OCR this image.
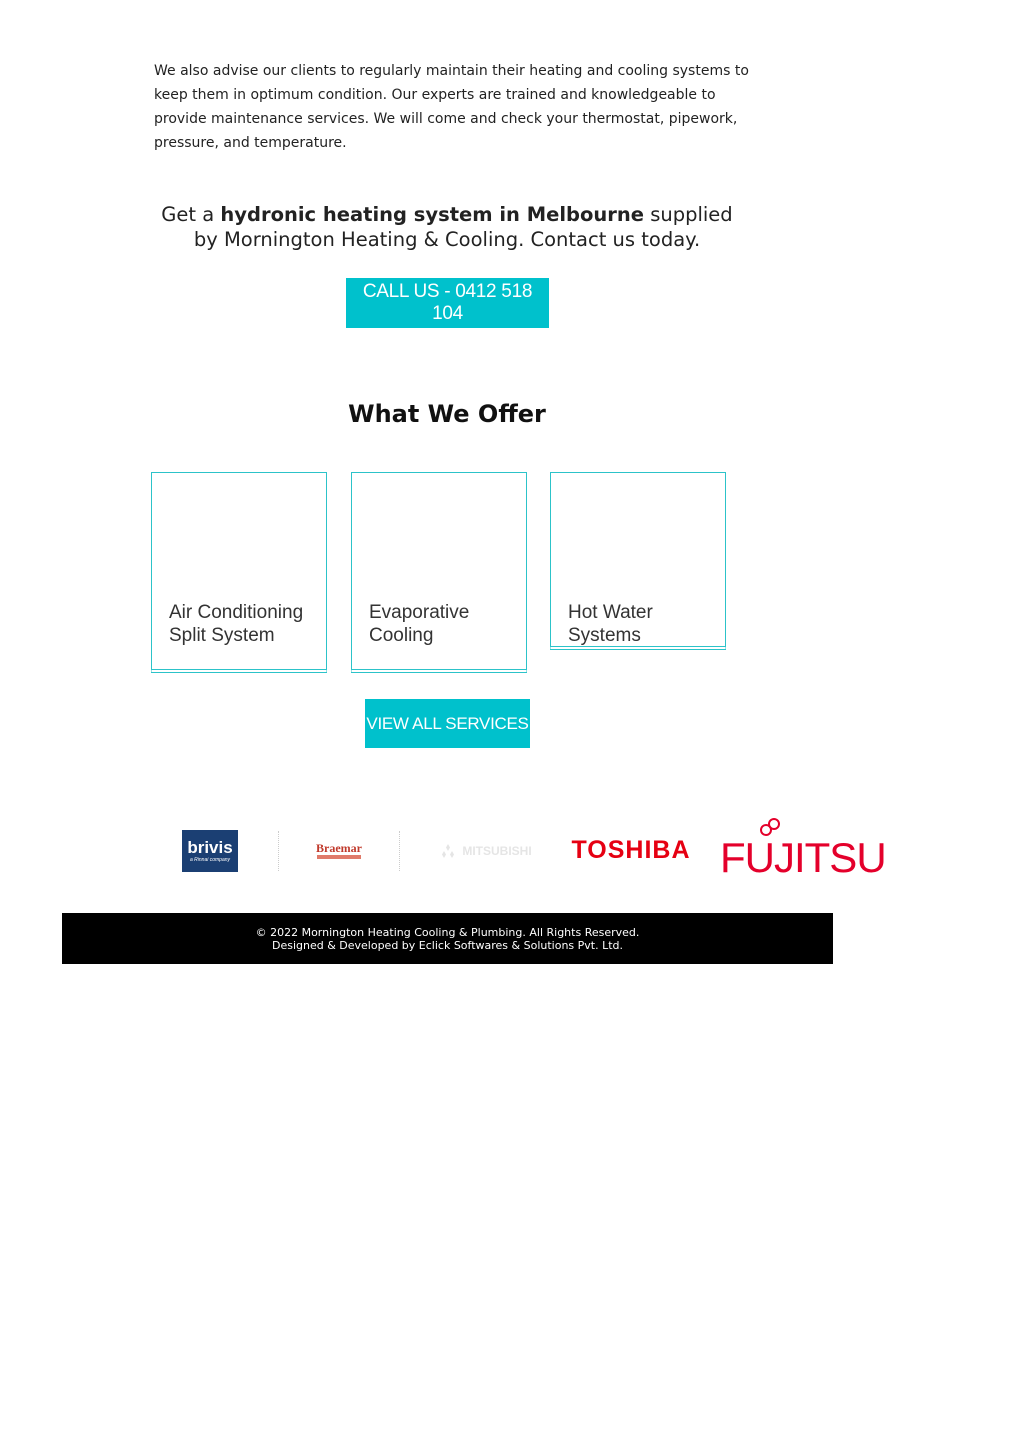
We also advise our clients to regularly maintain their heating and cooling systems to keep them in optimum condition. Our experts are trained and knowledgeable to provide maintenance services. We will come and check your thermostat, pipework, pressure, and temperature.

Get a hydronic heating system in Melbourne supplied by Mornington Heating & Cooling. Contact us today.

CALL US - 0412 518 104
What We Offer

Air Conditioning Split System

Evaporative Cooling

Hot Water Systems

VIEW ALL SERVICES
brivis
a Rinnai company
Braemar	MITSUBISHI TOSHIBA FUJITSU

© 2022 Mornington Heating Cooling & Plumbing. All Rights Reserved.

Designed & Developed by Eclick Softwares & Solutions Pvt. Ltd.
